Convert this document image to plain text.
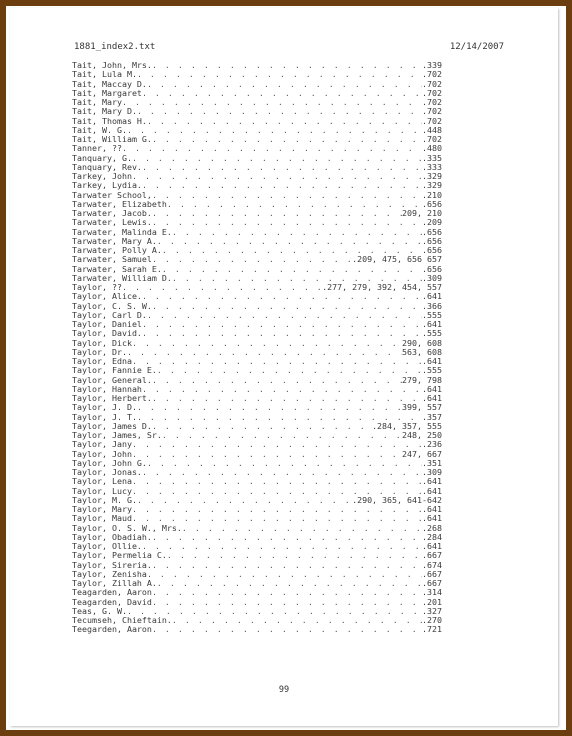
1881_index2.txt	12/14/2007
Tait, John, Mrs. . . .	.339
Tait, Lula M. . . .	.702
Tait, Maccay D. . . .	.702
Tait, Margaret . . .	.702
Tait, Mary . . .	.702
Tait, Mary D. . . .	.702
Tait, Thomas H. . . .	.702
Tait, W. G. . . .	.448
Tait, William G. . . .	.702
Tanner, ?? . . .	.480
Tanquary, G. . . .	.335
Tanquary, Rev. . . .	.333
Tarkey, John . . .	.329
Tarkey, Lydia. . . .	.329
Tarwater School, . . .	.210
Tarwater, Elizabeth . . .	.656
Tarwater, Jacob. . . .	209, 210
Tarwater, Lewis. . . .	.209
Tarwater, Malinda E. . . .	.656
Tarwater, Mary A. . . .	.656
Tarwater, Polly A. . . .	.656
Tarwater, Samuel . . .	.209, 475, 656 657
Tarwater, Sarah E. . . .	.656
Tarwater, William D. . . .	.309
Taylor, ?? . . .	.277, 279, 392, 454, 557
Taylor, Alice. . . .	.641
Taylor, C. S. W. . . .	.366
Taylor, Carl D. . . .	.555
Taylor, Daniel . . .	.641
Taylor, David. . . .	.555
Taylor, Dick . . .	290, 608
Taylor, Dr. . . .	563, 608
Taylor, Edna . . .	.641
Taylor, Fannie E. . . .	.555
Taylor, General. . . .	279, 798
Taylor, Hannah . . .	.641
Taylor, Herbert. . . .	.641
Taylor, J. D. . . .	399, 557
Taylor, J. T. . . .	.357
Taylor, James D. . . .	.284, 357, 555
Taylor, James, Sr. . . .	248, 250
Taylor, Jany . . .	.236
Taylor, John . . .	247, 667
Taylor, John G. . . .	.351
Taylor, Jonas. . . .	.309
Taylor, Lena . . .	.641
Taylor, Lucy . . .	.641
Taylor, M. G. . . .	.290, 365, 641-642
Taylor, Mary . . .	.641
Taylor, Maud . . .	.641
Taylor, O. S. W., Mrs. . . .	.268
Taylor, Obadiah. . . .	.284
Taylor, Ollie. . . .	.641
Taylor, Permelia C. . . .	.667
Taylor, Sireria. . . .	.674
Taylor, Zenisha . . .	.667
Taylor, Zillah A. . . .	.667
Teagarden, Aaron . . .	.314
Teagarden, David . . .	.201
Teas, G. W. . . .	.327
Tecumseh, Chieftain. . . .	.270
Teegarden, Aaron . . .	.721
99
